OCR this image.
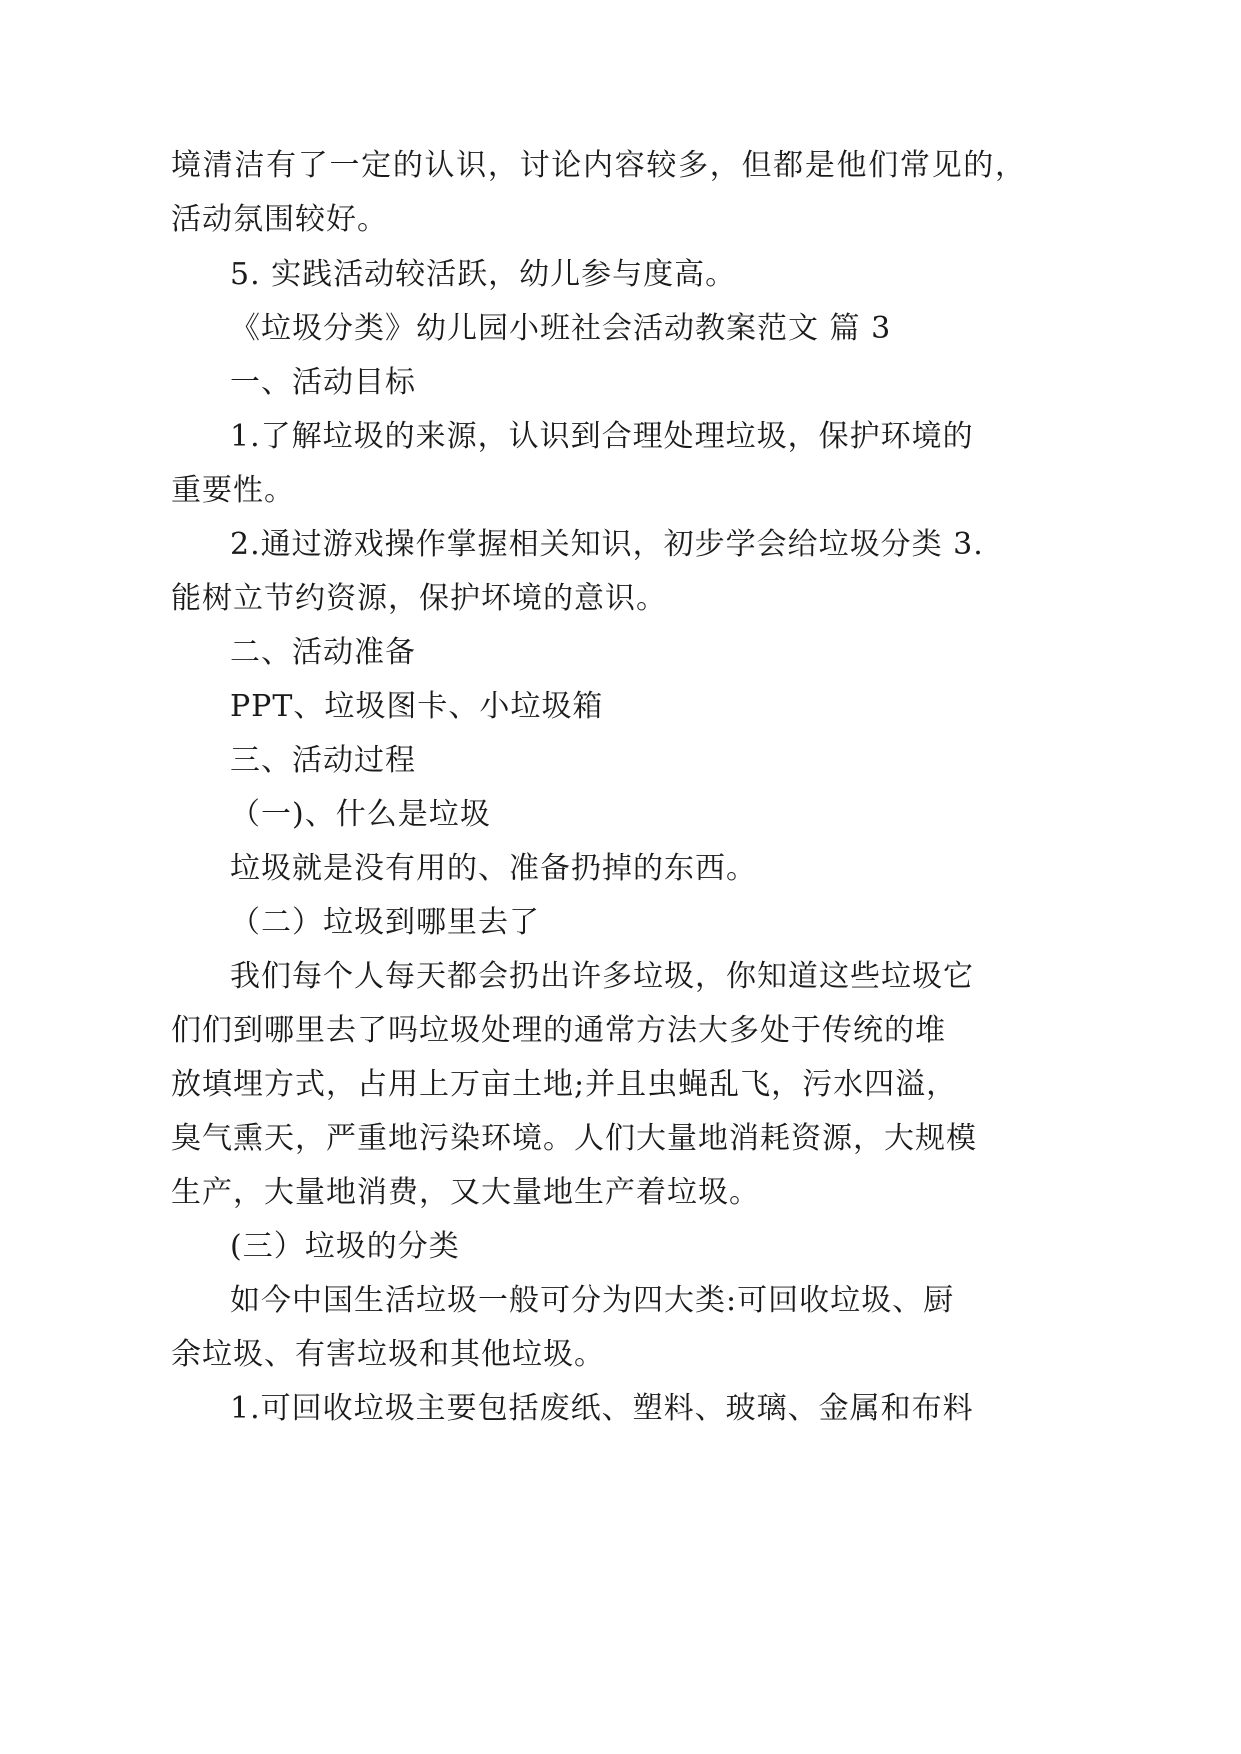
境清洁有了一定的认识，讨论内容较多，但都是他们常见的，
活动氛围较好。
5. 实践活动较活跃，幼儿参与度高。
《垃圾分类》幼儿园小班社会活动教案范文 篇 3
一、活动目标
1.了解垃圾的来源，认识到合理处理垃圾，保护环境的
重要性。
2.通过游戏操作掌握相关知识，初步学会给垃圾分类 3.
能树立节约资源，保护坏境的意识。
二、活动准备
PPT、垃圾图卡、小垃圾箱
三、活动过程
（一)、什么是垃圾
垃圾就是没有用的、准备扔掉的东西。
（二）垃圾到哪里去了
我们每个人每天都会扔出许多垃圾，你知道这些垃圾它
们们到哪里去了吗垃圾处理的通常方法大多处于传统的堆
放填埋方式，占用上万亩土地;并且虫蝇乱飞，污水四溢，
臭气熏天，严重地污染环境。人们大量地消耗资源，大规模
生产，大量地消费，又大量地生产着垃圾。
(三）垃圾的分类
如今中国生活垃圾一般可分为四大类:可回收垃圾、厨
余垃圾、有害垃圾和其他垃圾。
1.可回收垃圾主要包括废纸、塑料、玻璃、金属和布料
